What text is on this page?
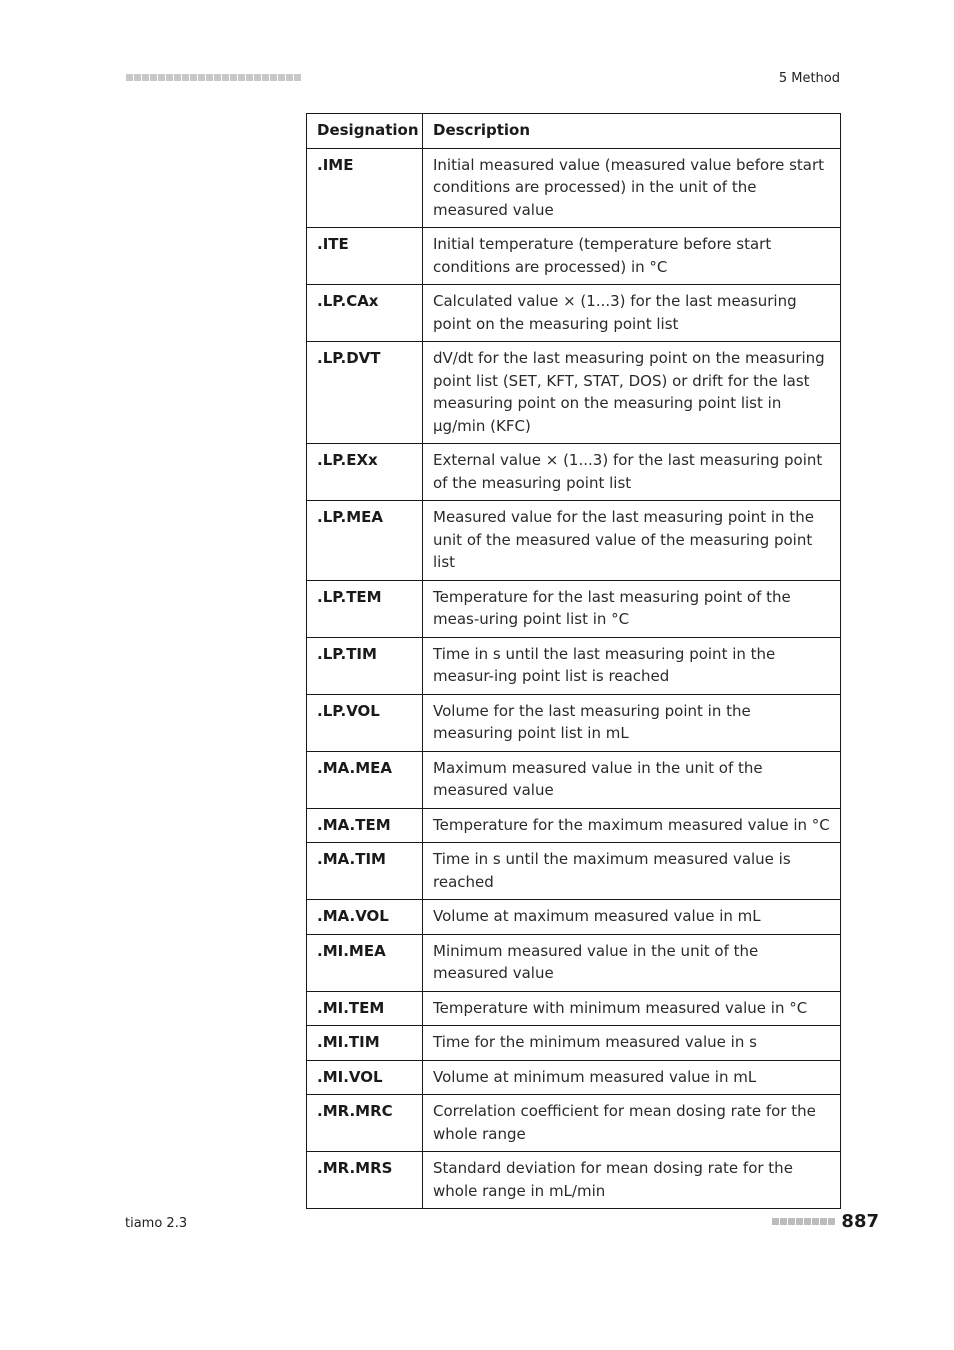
5 Method
Designation	Description
.IME	Initial measured value (measured value before start conditions are processed) in the unit of the measured value
.ITE	Initial temperature (temperature before start conditions are processed) in °C
.LP.CAx	Calculated value × (1...3) for the last measuring point on the measuring point list
.LP.DVT	dV/dt for the last measuring point on the measuring point list (SET, KFT, STAT, DOS) or drift for the last measuring point on the measuring point list in µg/min (KFC)
.LP.EXx	External value × (1...3) for the last measuring point of the measuring point list
.LP.MEA	Measured value for the last measuring point in the unit of the measured value of the measuring point list
.LP.TEM	Temperature for the last measuring point of the meas-uring point list in °C
.LP.TIM	Time in s until the last measuring point in the measur-ing point list is reached
.LP.VOL	Volume for the last measuring point in the measuring point list in mL
.MA.MEA	Maximum measured value in the unit of the measured value
.MA.TEM	Temperature for the maximum measured value in °C
.MA.TIM	Time in s until the maximum measured value is reached
.MA.VOL	Volume at maximum measured value in mL
.MI.MEA	Minimum measured value in the unit of the measured value
.MI.TEM	Temperature with minimum measured value in °C
.MI.TIM	Time for the minimum measured value in s
.MI.VOL	Volume at minimum measured value in mL
.MR.MRC	Correlation coefficient for mean dosing rate for the whole range
.MR.MRS	Standard deviation for mean dosing rate for the whole range in mL/min
tiamo 2.3	887
